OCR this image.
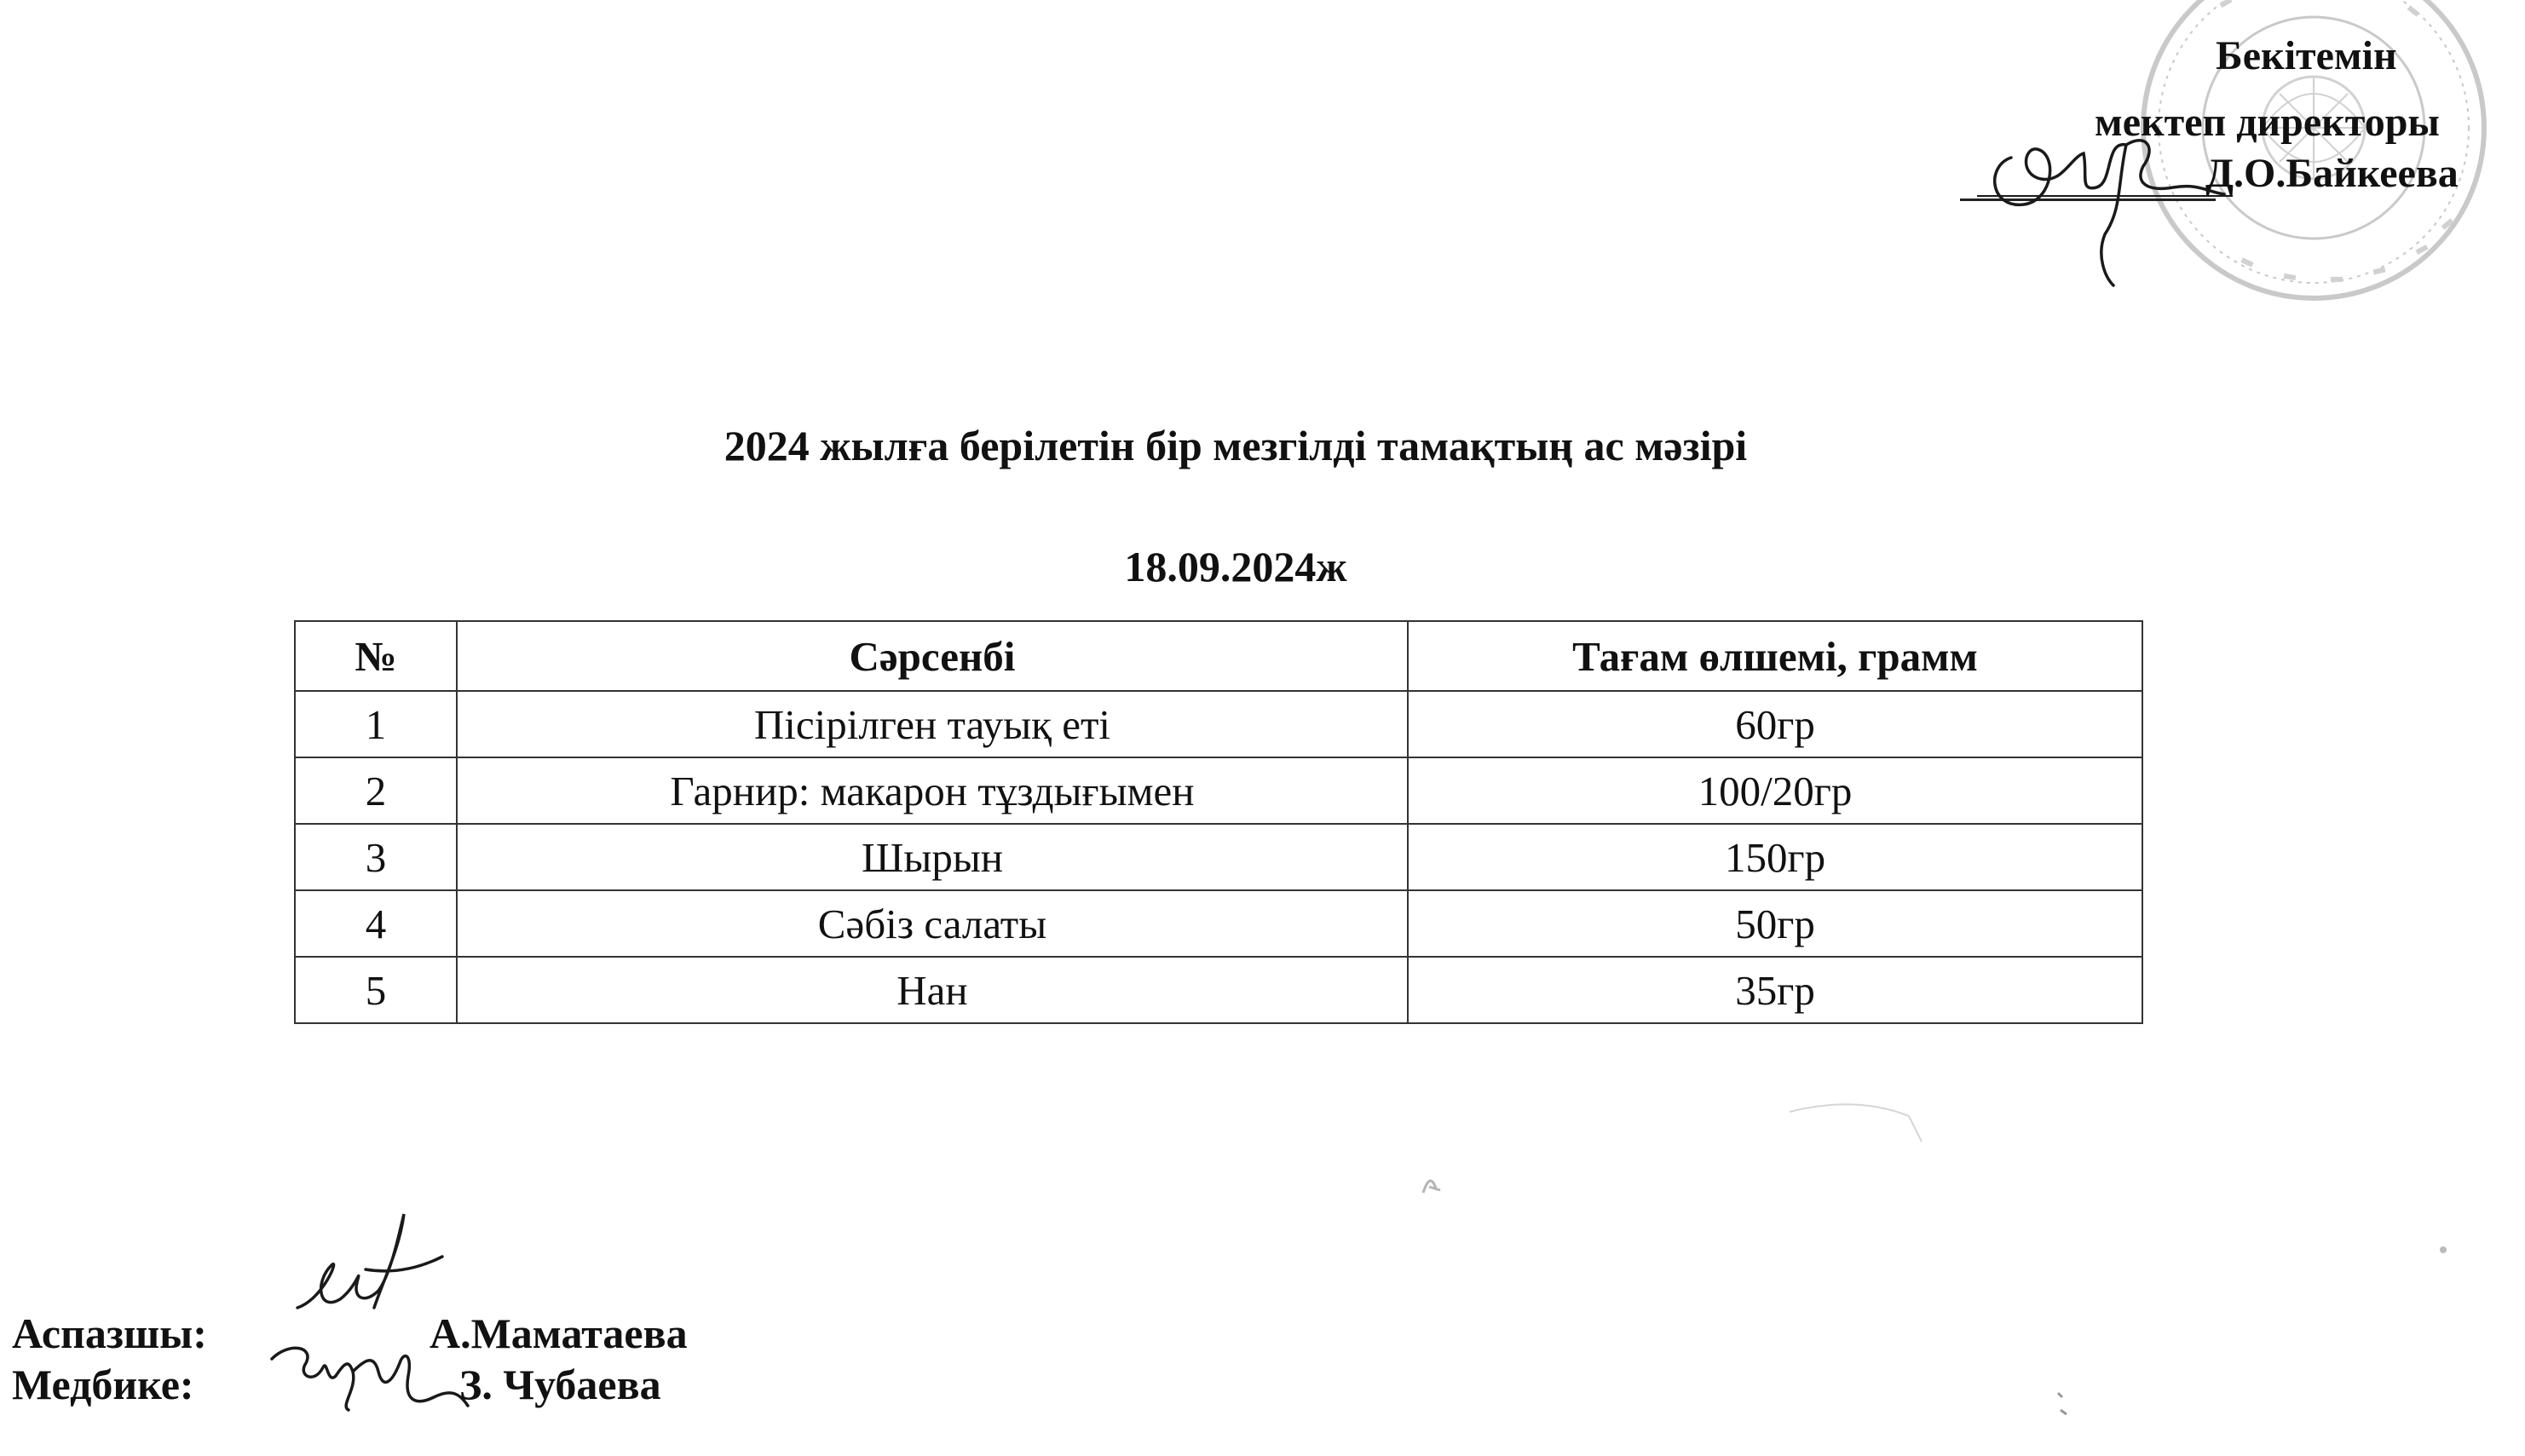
Бекітемін
мектеп директоры
Д.О.Байкеева
2024 жылға берілетін бір мезгілді тамақтың ас мәзірі
18.09.2024ж
№	Сәрсенбі	Тағам өлшемі, грамм
1	Пісірілген тауық еті	60гр
2	Гарнир: макарон тұздығымен	100/20гр
3	Шырын	150гр
4	Сәбіз салаты	50гр
5	Нан	35гр
Аспазшы:	А.Маматаева
Медбике:	З. Чубаева
